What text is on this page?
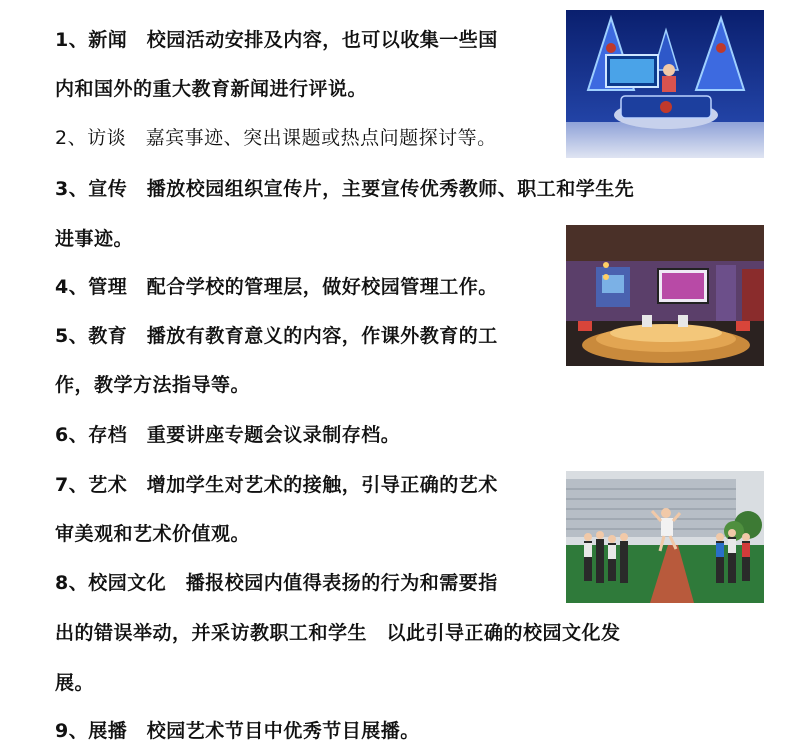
1、新闻　校园活动安排及内容，也可以收集一些国
内和国外的重大教育新闻进行评说。
2、访谈　嘉宾事迹、突出课题或热点问题探讨等。
3、宣传　播放校园组织宣传片，主要宣传优秀教师、职工和学生先
进事迹。
4、管理　配合学校的管理层，做好校园管理工作。
5、教育　播放有教育意义的内容，作课外教育的工
作，教学方法指导等。
6、存档　重要讲座专题会议录制存档。
7、艺术　增加学生对艺术的接触，引导正确的艺术
审美观和艺术价值观。
8、校园文化　播报校园内值得表扬的行为和需要指
出的错误举动，并采访教职工和学生　以此引导正确的校园文化发
展。
9、展播　校园艺术节目中优秀节目展播。
